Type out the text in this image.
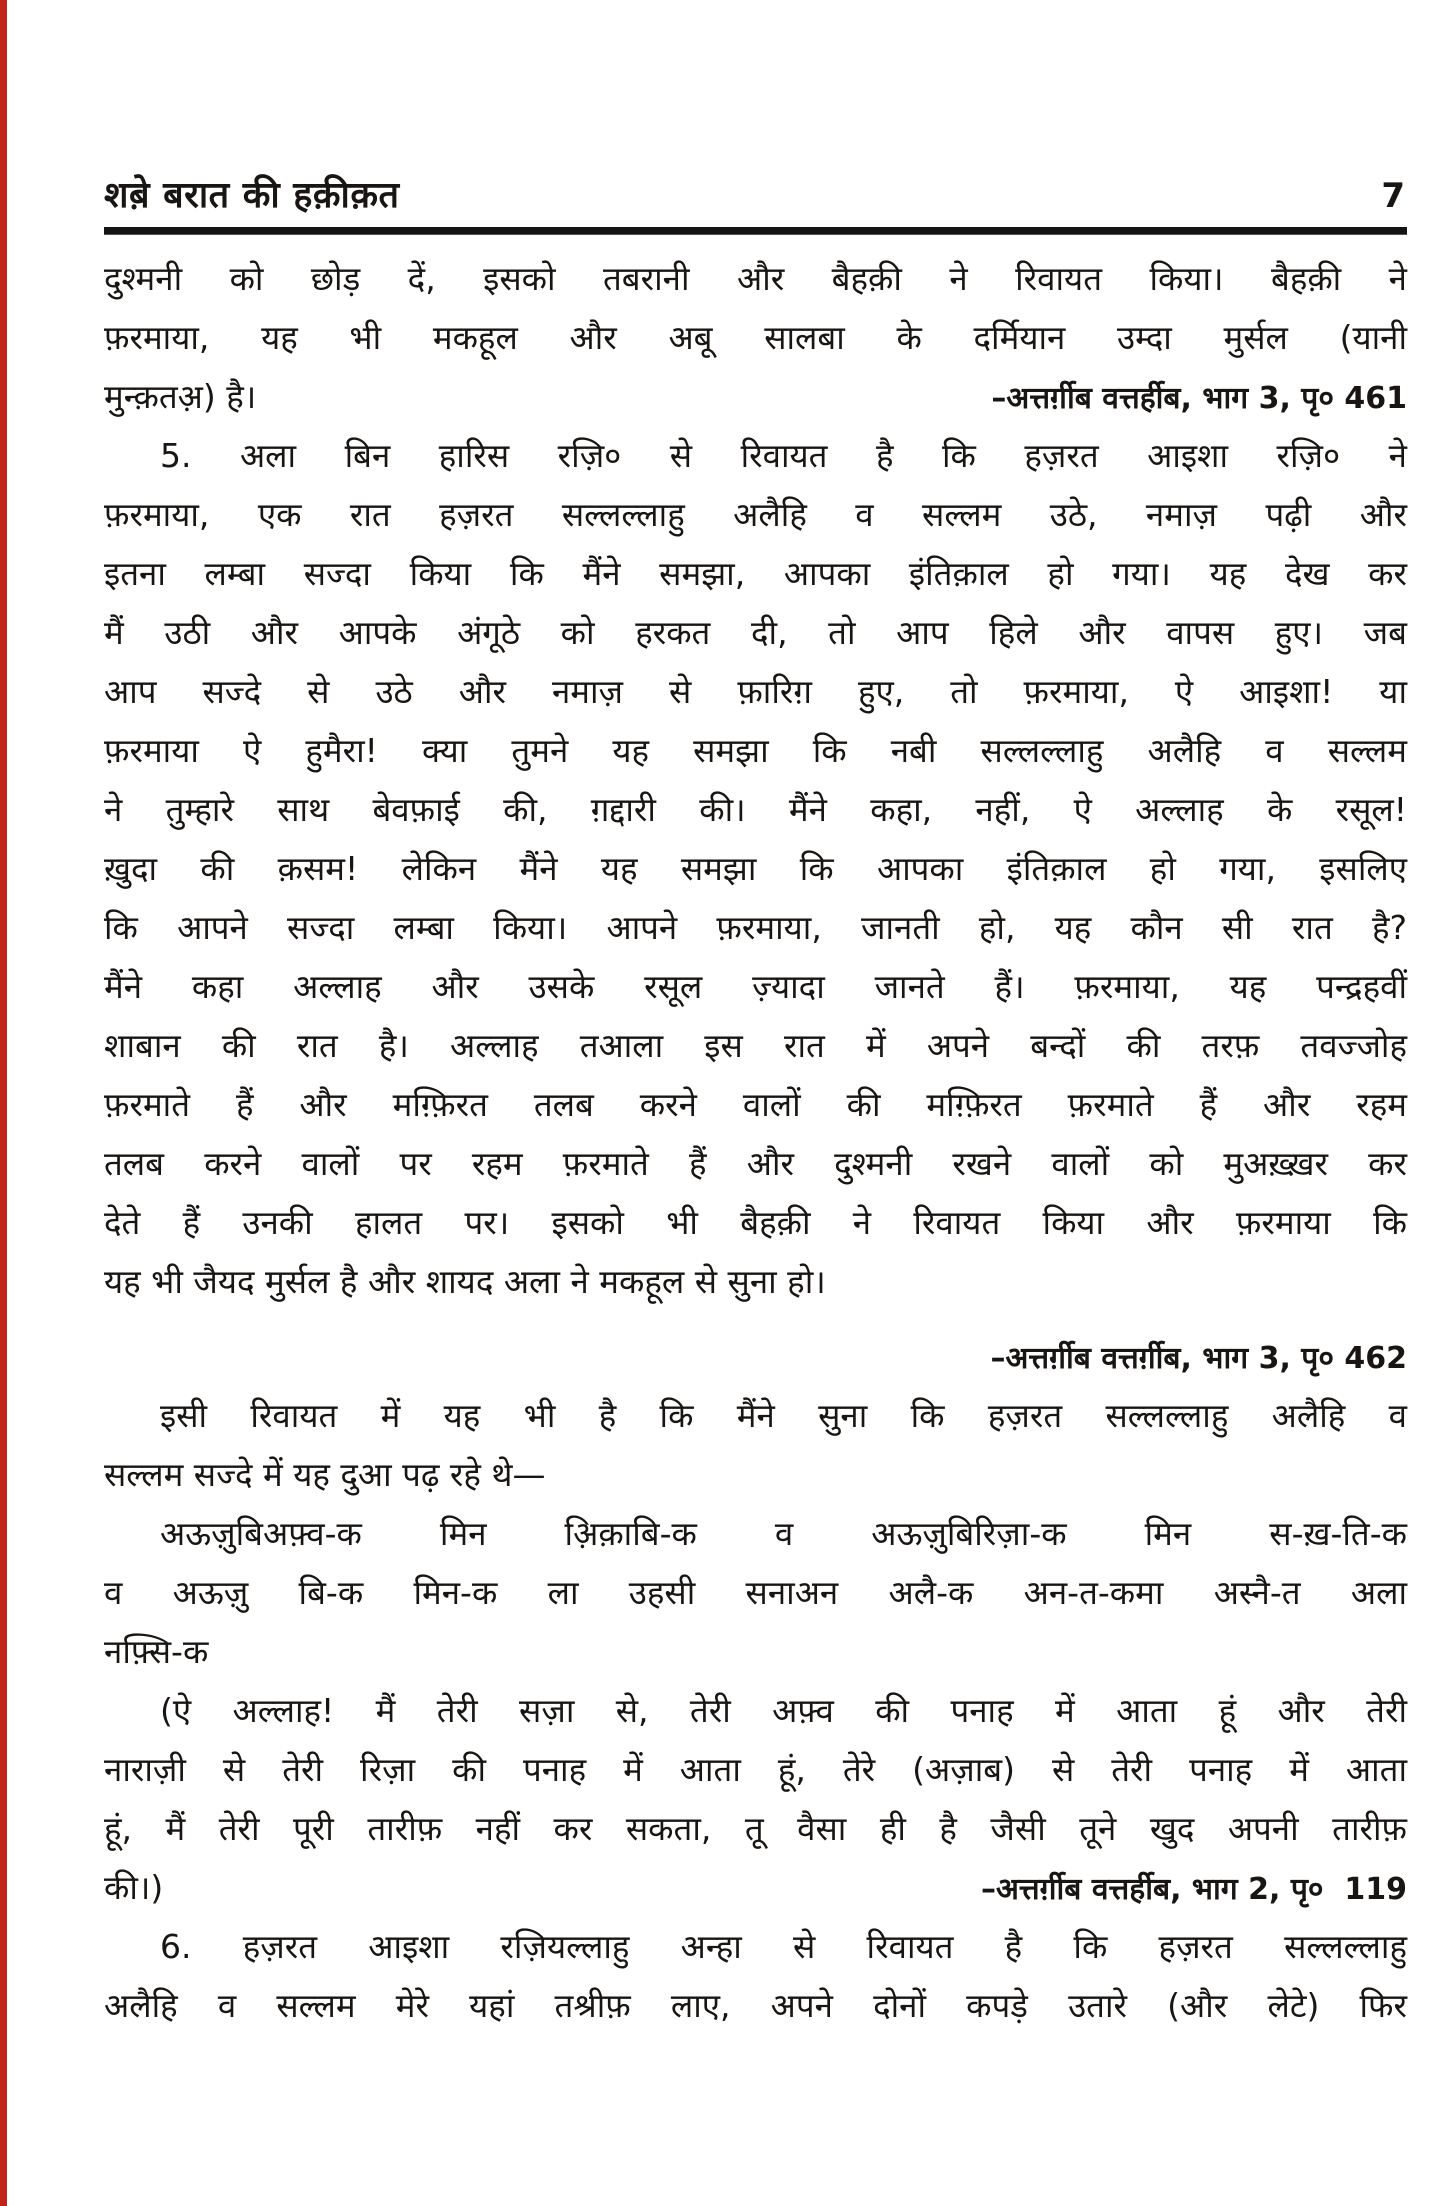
शब़े बरात की हक़ीक़त	7
दुश्मनी को छोड़ दें, इसको तबरानी और बैहक़ी ने रिवायत किया। बैहक़ी ने
फ़रमाया, यह भी मकहूल और अबू सालबा के दर्मियान उम्दा मुर्सल (यानी
मुन्क़तअ़) है।	–अत्तर्ग़ीब वत्तर्हीब, भाग 3, पृ० 461
5. अला बिन हारिस रज़ि० से रिवायत है कि हज़रत आइशा रज़ि० ने
फ़रमाया, एक रात हज़रत सल्लल्लाहु अलैहि व सल्लम उठे, नमाज़ पढ़ी और
इतना लम्बा सज्दा किया कि मैंने समझा, आपका इंतिक़ाल हो गया। यह देख कर
मैं उठी और आपके अंगूठे को हरकत दी, तो आप हिले और वापस हुए। जब
आप सज्दे से उठे और नमाज़ से फ़ारिग़ हुए, तो फ़रमाया, ऐ आइशा! या
फ़रमाया ऐ हुमैरा! क्या तुमने यह समझा कि नबी सल्लल्लाहु अलैहि व सल्लम
ने तुम्हारे साथ बेवफ़ाई की, ग़द्दारी की। मैंने कहा, नहीं, ऐ अल्लाह के रसूल!
ख़ुदा की क़सम! लेकिन मैंने यह समझा कि आपका इंतिक़ाल हो गया, इसलिए
कि आपने सज्दा लम्बा किया। आपने फ़रमाया, जानती हो, यह कौन सी रात है?
मैंने कहा अल्लाह और उसके रसूल ज़्यादा जानते हैं। फ़रमाया, यह पन्द्रहवीं
शाबान की रात है। अल्लाह तआला इस रात में अपने बन्दों की तरफ़ तवज्जोह
फ़रमाते हैं और मग़्फ़िरत तलब करने वालों की मग़्फ़िरत फ़रमाते हैं और रहम
तलब करने वालों पर रहम फ़रमाते हैं और दुश्मनी रखने वालों को मुअख़्ख़र कर
देते हैं उनकी हालत पर। इसको भी बैहक़ी ने रिवायत किया और फ़रमाया कि
यह भी जैयद मुर्सल है और शायद अला ने मकहूल से सुना हो।
–अत्तर्ग़ीब वत्तर्ग़ीब, भाग 3, पृ० 462
इसी रिवायत में यह भी है कि मैंने सुना कि हज़रत सल्लल्लाहु अलैहि व
सल्लम सज्दे में यह दुआ पढ़ रहे थे—
अऊज़ुबिअफ़्व-क मिन अ़िक़ाबि-क व अऊज़ुबिरिज़ा-क मिन स-ख़-ति-क
व अऊज़ु बि-क मिन-क ला उहसी सनाअन अलै-क अन-त-कमा अस्नै-त अला
नफ़्सि-क
(ऐ अल्लाह! मैं तेरी सज़ा से, तेरी अफ़्व की पनाह में आता हूं और तेरी
नाराज़ी से तेरी रिज़ा की पनाह में आता हूं, तेरे (अज़ाब) से तेरी पनाह में आता
हूं, मैं तेरी पूरी तारीफ़ नहीं कर सकता, तू वैसा ही है जैसी तूने खुद अपनी तारीफ़
की।)	–अत्तर्ग़ीब वत्तर्हीब, भाग 2, पृ०  119
6. हज़रत आइशा रज़ियल्लाहु अन्हा से रिवायत है कि हज़रत सल्लल्लाहु
अलैहि व सल्लम मेरे यहां तश्रीफ़ लाए, अपने दोनों कपड़े उतारे (और लेटे) फिर
